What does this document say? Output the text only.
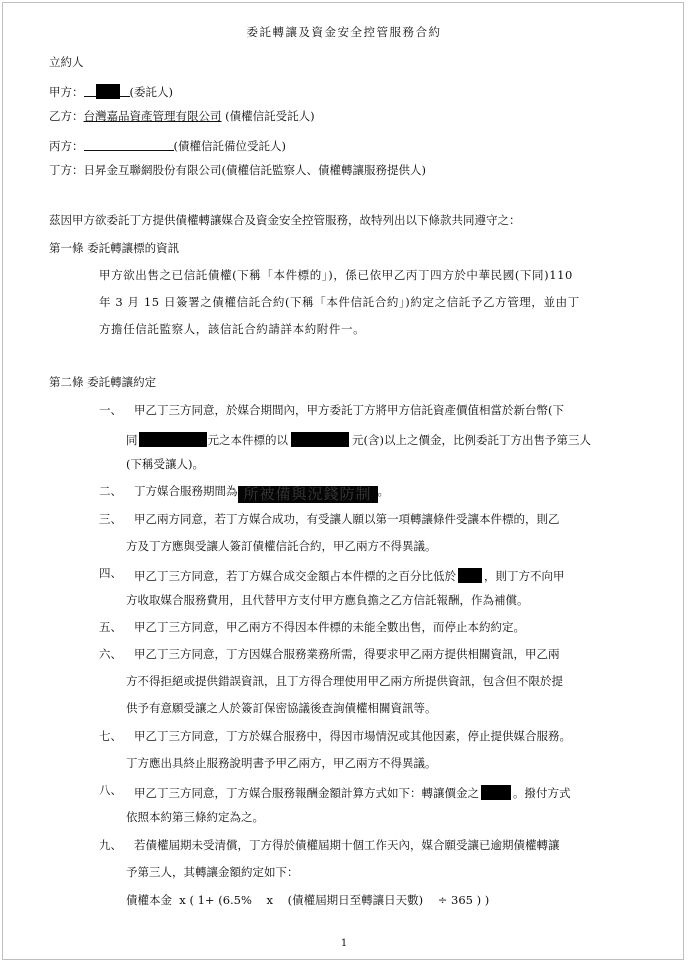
委託轉讓及資金安全控管服務合約
立約人
甲方：	(委託人)
乙方：台灣嘉品資產管理有限公司 (債權信託受託人)
丙方：	(債權信託備位受託人)
丁方：日昇金互聯網股份有限公司(債權信託監察人、債權轉讓服務提供人)
茲因甲方欲委託丁方提供債權轉讓媒合及資金安全控管服務，故特列出以下條款共同遵守之：
第一條 委託轉讓標的資訊
甲方欲出售之已信託債權(下稱「本件標的」)，係已依甲乙丙丁四方於中華民國(下同)110
年 3 月 15 日簽署之債權信託合約(下稱「本件信託合約」)約定之信託予乙方管理，並由丁
方擔任信託監察人，該信託合約請詳本約附件一。
第二條 委託轉讓約定
一、 甲乙丁三方同意，於媒合期間內，甲方委託丁方將甲方信託資產價值相當於新台幣(下
同	元之本件標的以	元(含)以上之價金，比例委託丁方出售予第三人
(下稱受讓人)。
二、 丁方媒合服務期間為 所被備與況錢防制 。
三、 甲乙兩方同意，若丁方媒合成功，有受讓人願以第一項轉讓條件受讓本件標的，則乙
方及丁方應與受讓人簽訂債權信託合約，甲乙兩方不得異議。
四、 甲乙丁三方同意，若丁方媒合成交金額占本件標的之百分比低於 ，則丁方不向甲
方收取媒合服務費用，且代替甲方支付甲方應負擔之乙方信託報酬，作為補償。
五、 甲乙丁三方同意，甲乙兩方不得因本件標的未能全數出售，而停止本約約定。
六、 甲乙丁三方同意，丁方因媒合服務業務所需，得要求甲乙兩方提供相關資訊，甲乙兩
方不得拒絕或提供錯誤資訊，且丁方得合理使用甲乙兩方所提供資訊，包含但不限於提
供予有意願受讓之人於簽訂保密協議後查詢債權相關資訊等。
七、 甲乙丁三方同意，丁方於媒合服務中，得因市場情況或其他因素，停止提供媒合服務。
丁方應出具終止服務說明書予甲乙兩方，甲乙兩方不得異議。
八、 甲乙丁三方同意，丁方媒合服務報酬金額計算方式如下：轉讓價金之	。撥付方式
依照本約第三條約定為之。
九、 若債權屆期未受清償，丁方得於債權屆期十個工作天內，媒合願受讓已逾期債權轉讓
予第三人，其轉讓金額約定如下：
債權本金  x ( 1+ (6.5%    x    (債權屆期日至轉讓日天數)    ÷ 365 ) )
1
